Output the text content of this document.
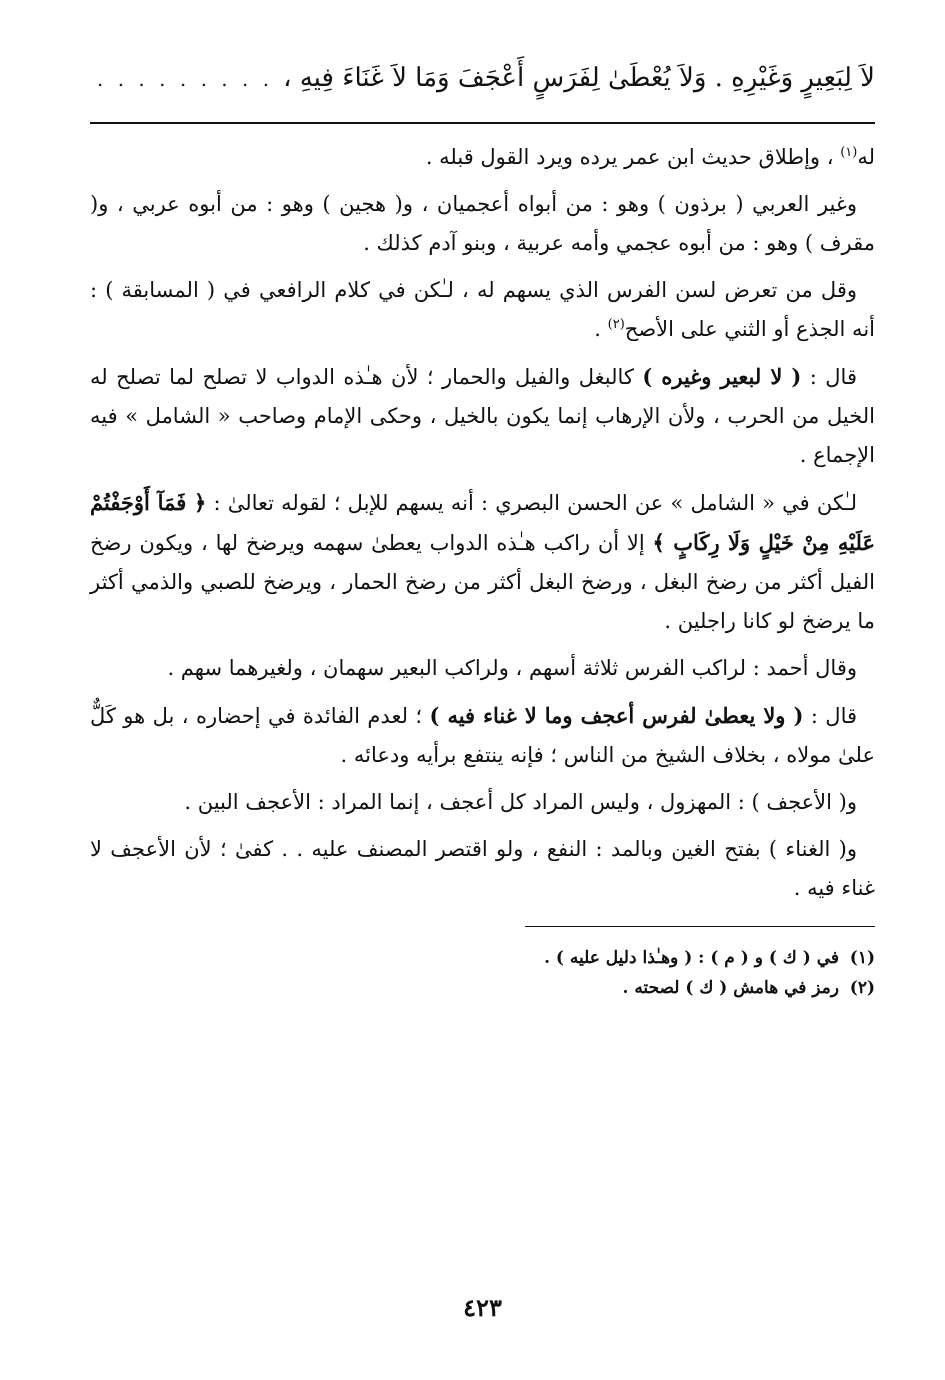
لاَ لِبَعِيرٍ وَغَيْرِهِ . وَلاَ يُعْطَىٰ لِفَرَسٍ أَعْجَفَ وَمَا لاَ غَنَاءَ فِيهِ ،
. . . . . . . . .

له$^{(١)}$ ، وإطلاق حديث ابن عمر يرده ويرد القول قبله .

وغير العربي ( برذون ) وهو : من أبواه أعجميان ، و( هجين ) وهو : من أبوه عربي ، و( مقرف ) وهو : من أبوه عجمي وأمه عربية ، وبنو آدم كذلك .

وقل من تعرض لسن الفرس الذي يسهم له ، لـٰكن في كلام الرافعي في ( المسابقة ) : أنه الجذع أو الثني على الأصح$^{(٢)}$ .

قال : ( لا لبعير وغيره ) كالبغل والفيل والحمار ؛ لأن هـٰذه الدواب لا تصلح لما تصلح له الخيل من الحرب ، ولأن الإرهاب إنما يكون بالخيل ، وحكى الإمام وصاحب « الشامل » فيه الإجماع .

لـٰكن في « الشامل » عن الحسن البصري : أنه يسهم للإبل ؛ لقوله تعالىٰ : ﴿ فَمَآ أَوْجَفْتُمْ عَلَيْهِ مِنْ خَيْلٍ وَلَا رِكَابٍ ﴾ إلا أن راكب هـٰذه الدواب يعطىٰ سهمه ويرضخ لها ، ويكون رضخ الفيل أكثر من رضخ البغل ، ورضخ البغل أكثر من رضخ الحمار ، ويرضخ للصبي والذمي أكثر ما يرضخ لو كانا راجلين .

وقال أحمد : لراكب الفرس ثلاثة أسهم ، ولراكب البعير سهمان ، ولغيرهما سهم .

قال : ( ولا يعطىٰ لفرس أعجف وما لا غناء فيه ) ؛ لعدم الفائدة في إحضاره ، بل هو كَلٌّ علىٰ مولاه ، بخلاف الشيخ من الناس ؛ فإنه ينتفع برأيه ودعائه .

و( الأعجف ) : المهزول ، وليس المراد كل أعجف ، إنما المراد : الأعجف البين .

و( الغناء ) بفتح الغين وبالمد : النفع ، ولو اقتصر المصنف عليه . . كفىٰ ؛ لأن الأعجف لا غناء فيه .

(١)
في ( ك ) و ( م ) : ( وهـٰذا دليل عليه ) .
(٢)
رمز في هامش ( ك ) لصحته .
٤٢٣
